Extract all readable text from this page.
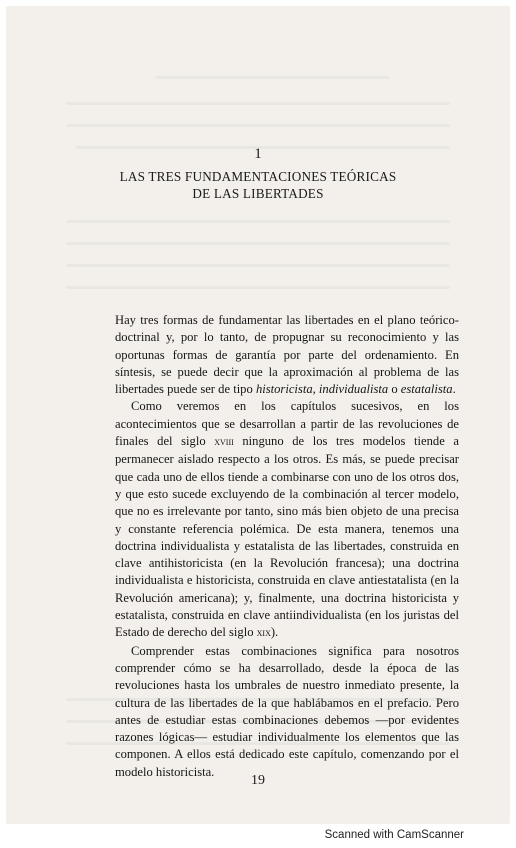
1
LAS TRES FUNDAMENTACIONES TEÓRICAS
DE LAS LIBERTADES

Hay tres formas de fundamentar las libertades en el plano teórico-doctrinal y, por lo tanto, de propugnar su reconocimiento y las oportunas formas de garantía por parte del ordenamiento. En síntesis, se puede decir que la aproximación al problema de las libertades puede ser de tipo historicista, individualista o estatalista.

Como veremos en los capítulos sucesivos, en los acontecimientos que se desarrollan a partir de las revoluciones de finales del siglo xviii ninguno de los tres modelos tiende a permanecer aislado respecto a los otros. Es más, se puede precisar que cada uno de ellos tiende a combinarse con uno de los otros dos, y que esto sucede excluyendo de la combinación al tercer modelo, que no es irrelevante por tanto, sino más bien objeto de una precisa y constante referencia polémica. De esta manera, tenemos una doctrina individualista y estatalista de las libertades, construida en clave antihistoricista (en la Revolución francesa); una doctrina individualista e historicista, construida en clave antiestatalista (en la Revolución americana); y, finalmente, una doctrina historicista y estatalista, construida en clave antiindividualista (en los juristas del Estado de derecho del siglo xix).

Comprender estas combinaciones significa para nosotros comprender cómo se ha desarrollado, desde la época de las revoluciones hasta los umbrales de nuestro inmediato presente, la cultura de las libertades de la que hablábamos en el prefacio. Pero antes de estudiar estas combinaciones debemos —por evidentes razones lógicas— estudiar individualmente los elementos que las componen. A ellos está dedicado este capítulo, comenzando por el modelo historicista.

19
Scanned with CamScanner
